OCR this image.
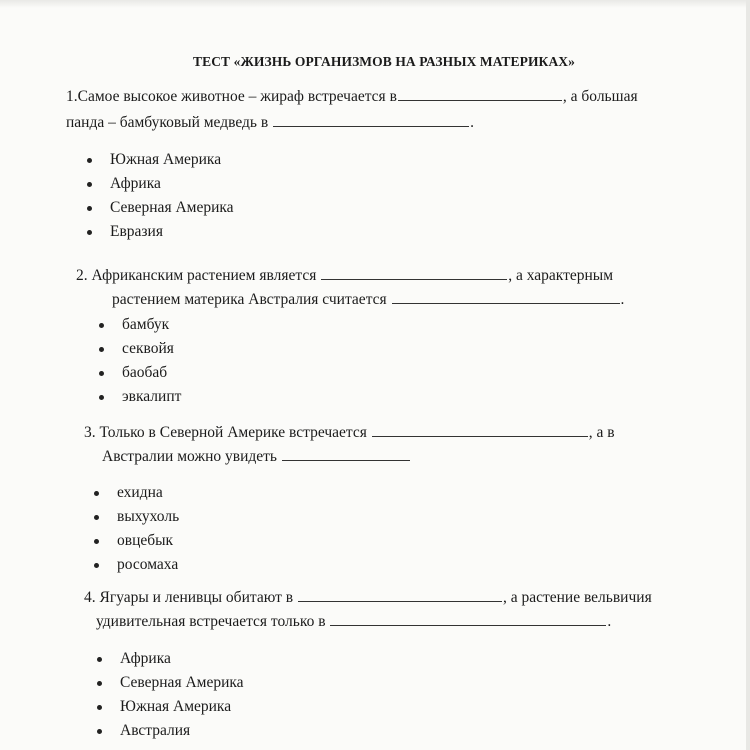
ТЕСТ «ЖИЗНЬ ОРГАНИЗМОВ НА РАЗНЫХ МАТЕРИКАХ»
1.Самое высокое животное – жираф встречается в	, а большая
панда – бамбуковый медведь в	.
Южная Америка
Африка
Северная Америка
Евразия
2. Африканским растением является	, а характерным
растением материка Австралия считается	.
бамбук
секвойя
баобаб
эвкалипт
3. Только в Северной Америке встречается	, а в
Австралии можно увидеть
ехидна
выхухоль
овцебык
росомаха
4. Ягуары и ленивцы обитают в	, а растение вельвичия
удивительная встречается только в	.
Африка
Северная Америка
Южная Америка
Австралия
